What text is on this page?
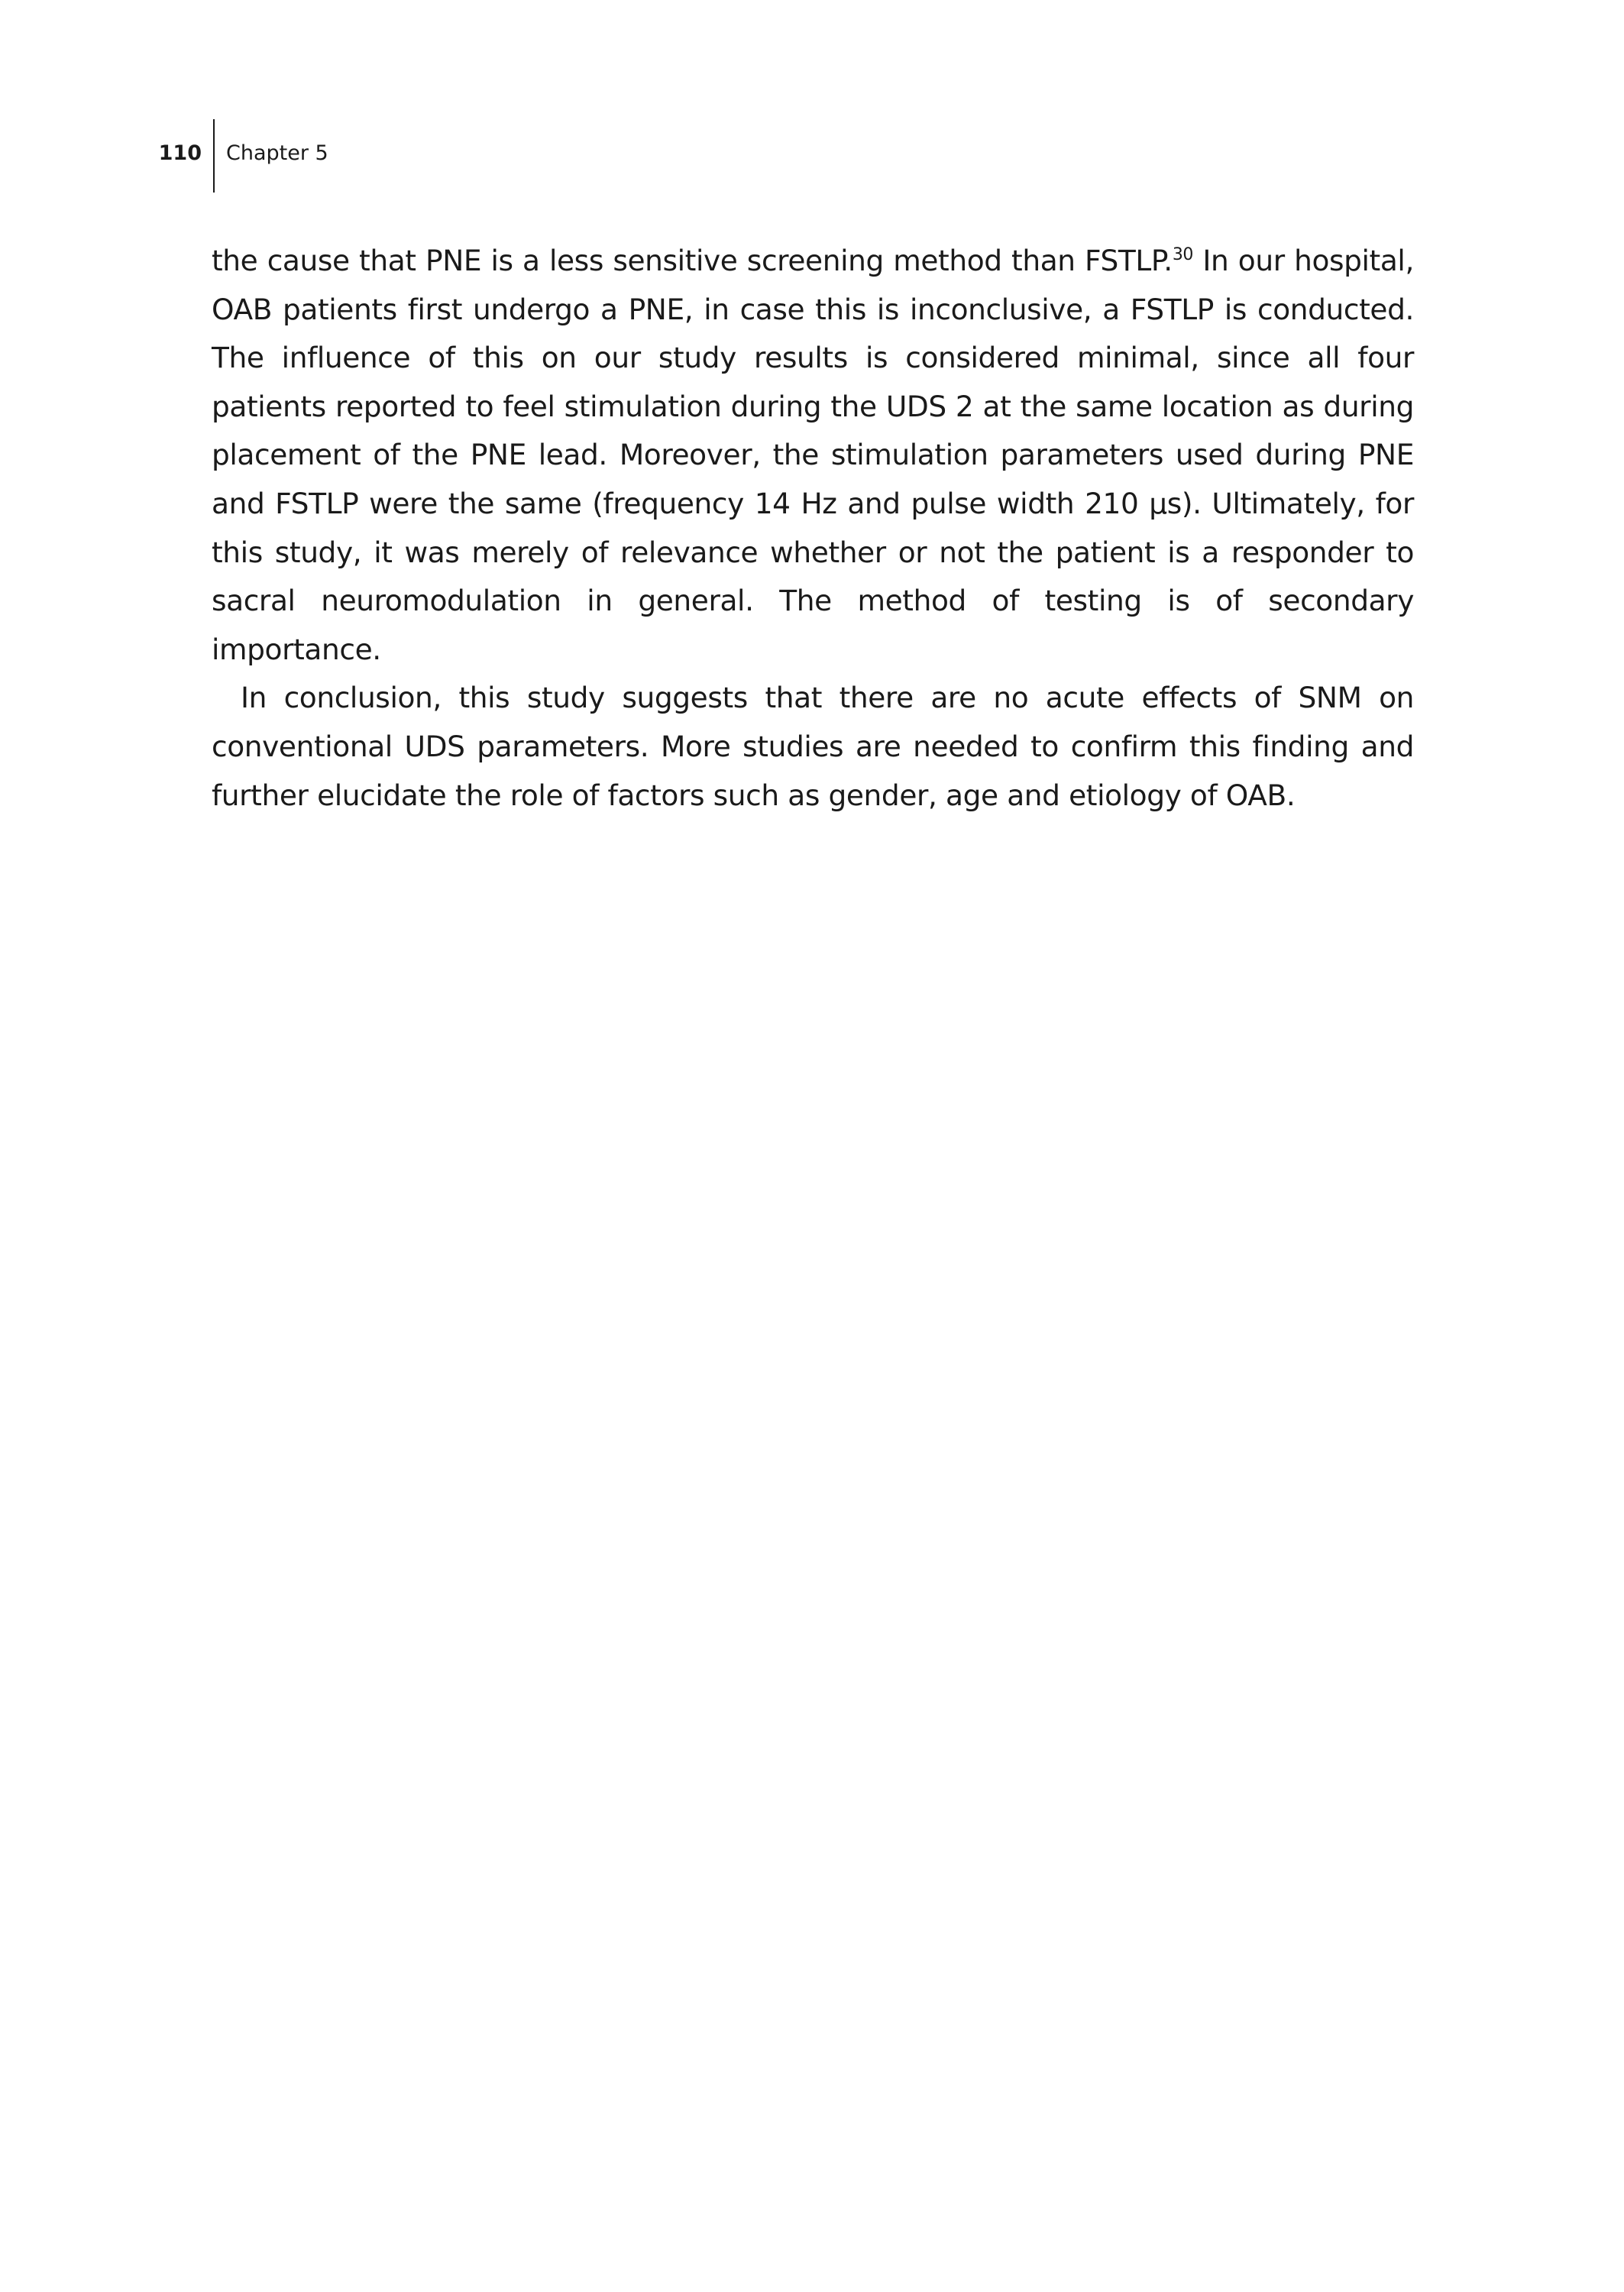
110 Chapter 5

the cause that PNE is a less sensitive screening method than FSTLP.$^{30}$ In our hospital, OAB patients first undergo a PNE, in case this is inconclusive, a FSTLP is conducted. The influence of this on our study results is considered minimal, since all four patients reported to feel stimulation during the UDS 2 at the same location as during placement of the PNE lead. Moreover, the stimulation parameters used during PNE and FSTLP were the same (frequency 14 Hz and pulse width 210 µs). Ultimately, for this study, it was merely of relevance whether or not the patient is a responder to sacral neuromodulation in general. The method of testing is of secondary importance.

In conclusion, this study suggests that there are no acute effects of SNM on conventional UDS parameters. More studies are needed to confirm this finding and further elucidate the role of factors such as gender, age and etiology of OAB.
